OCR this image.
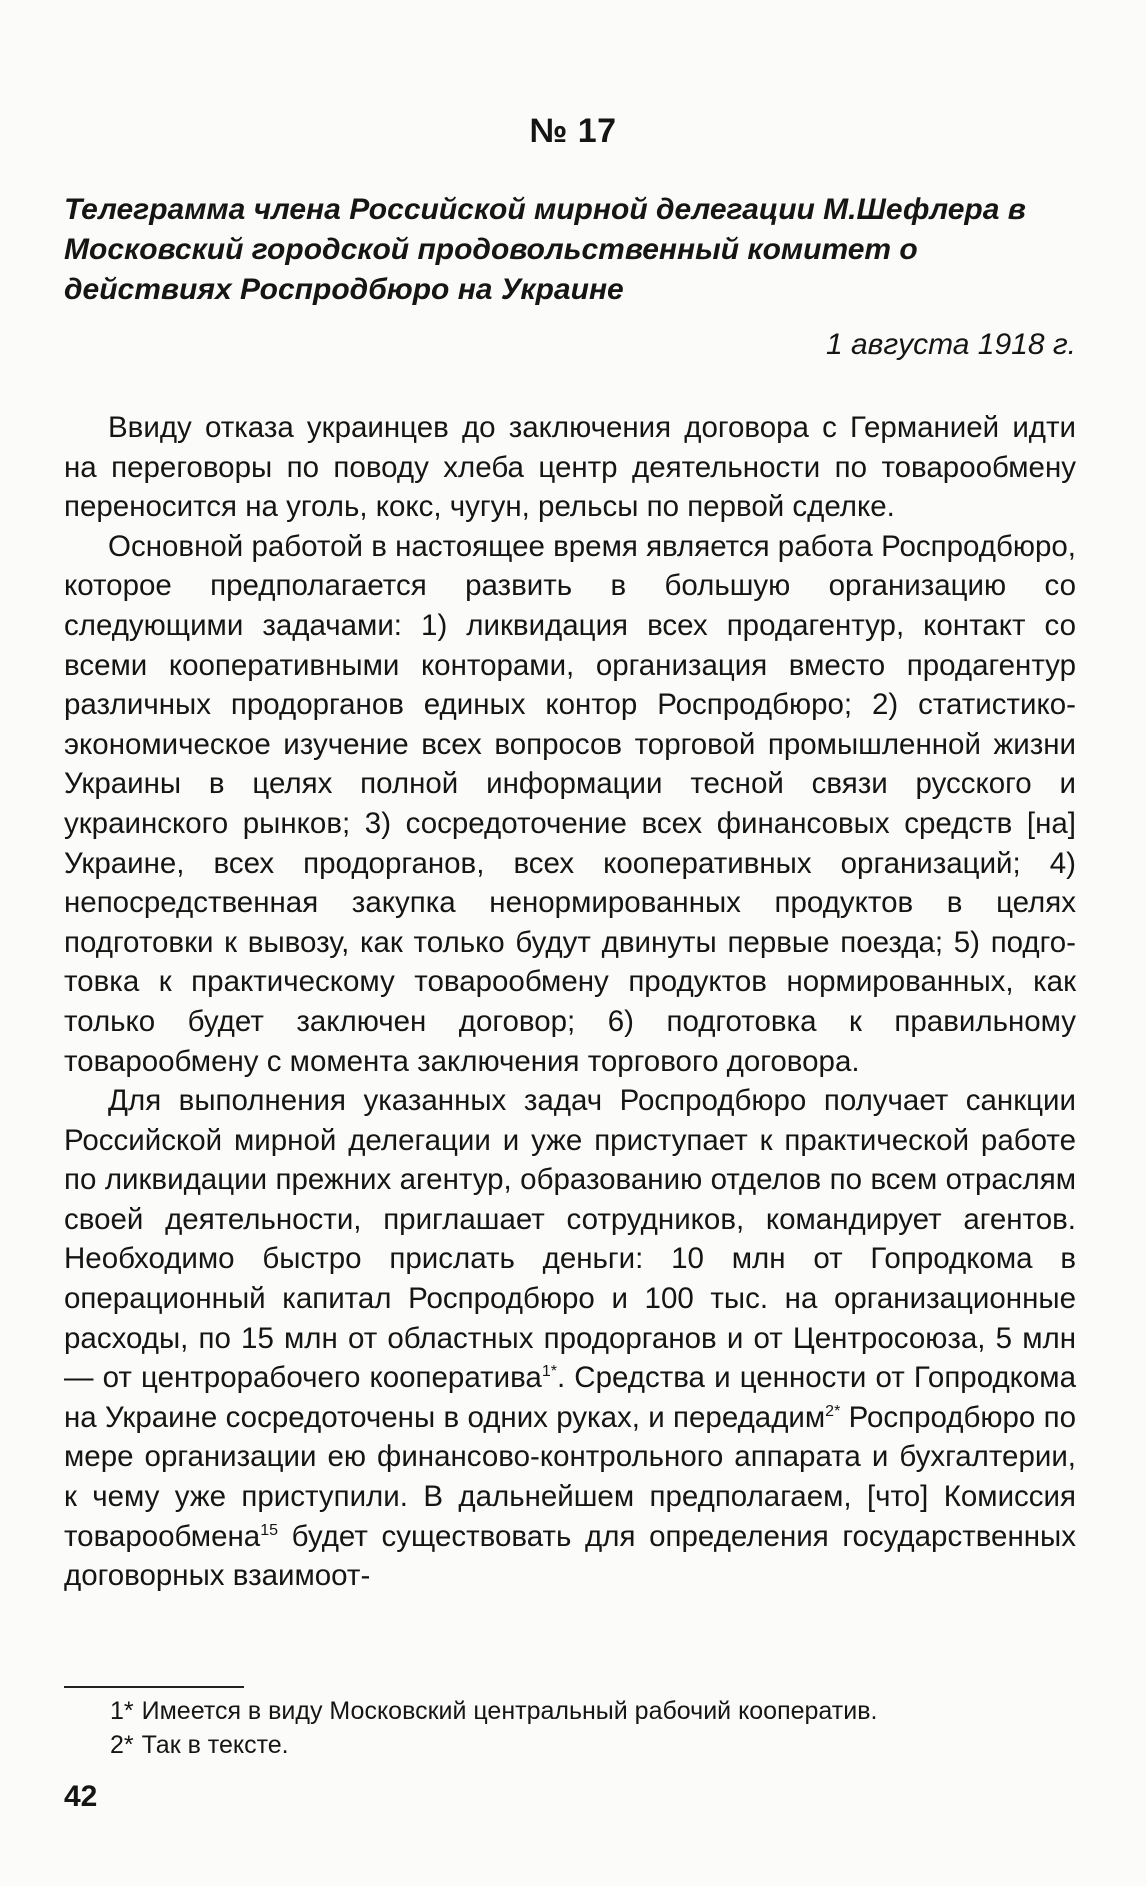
№ 17
Телеграмма члена Российской мирной делегации М.Шефлера в Московский городской продовольственный комитет о действиях Роспродбюро на Украине
1 августа 1918 г.

Ввиду отказа украинцев до заключения договора с Германией идти на переговоры по поводу хлеба центр деятельности по товарообмену переносится на уголь, кокс, чугун, рельсы по первой сделке.

Основной работой в настоящее время является работа Роспродбюро, которое предполагается развить в большую организацию со следующими задачами: 1) ликвидация всех продагентур, контакт со всеми кооперативными конторами, организация вместо продагентур различных продорганов единых контор Роспродбюро; 2) статистико-экономическое изучение всех вопросов торговой промышленной жизни Украины в целях полной информации тесной связи русского и украинского рынков; 3) сосредоточение всех финансовых средств [на] Украине, всех продорганов, всех кооперативных организаций; 4) непосредственная закупка ненормированных продуктов в целях подготовки к вывозу, как только будут двинуты первые поезда; 5) подготовка к практическому товарообмену продуктов нормированных, как только будет заключен договор; 6) подготовка к правильному товарообмену с момента заключения торгового договора.

Для выполнения указанных задач Роспродбюро получает санкции Российской мирной делегации и уже приступает к практической работе по ликвидации прежних агентур, образованию отделов по всем отраслям своей деятельности, приглашает сотрудников, командирует агентов. Необходимо быстро прислать деньги: 10 млн от Гопродкома в операционный капитал Роспродбюро и 100 тыс. на организационные расходы, по 15 млн от областных продорганов и от Центросоюза, 5 млн — от центрорабочего кооператива$^{1*}$. Средства и ценности от Гопродкома на Украине сосредоточены в одних руках, и передадим$^{2*}$ Роспродбюро по мере организации ею финансово-контрольного аппарата и бухгалтерии, к чему уже приступили. В дальнейшем предполагаем, [что] Комиссия товарообмена$^{15}$ будет существовать для определения государственных договорных взаимоот-

1* Имеется в виду Московский центральный рабочий кооператив.
2* Так в тексте.
42
